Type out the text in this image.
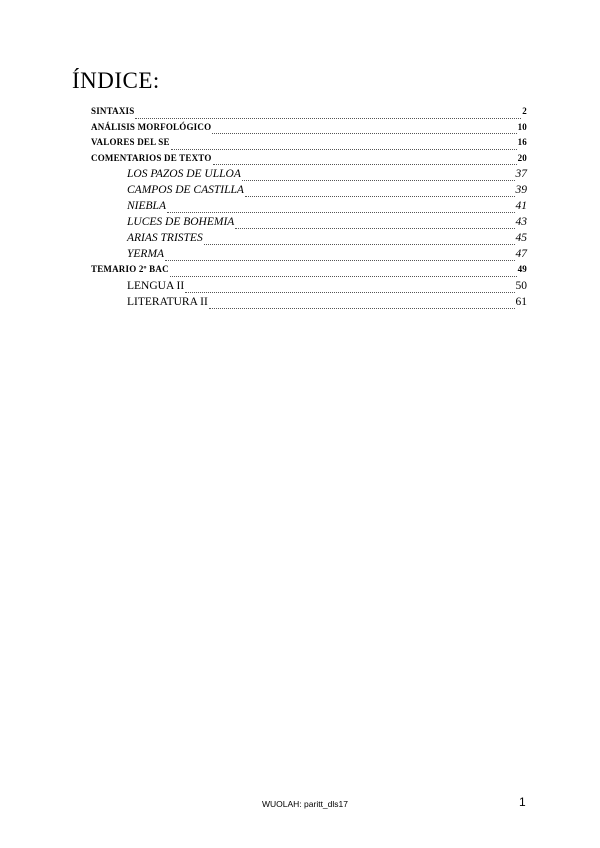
ÍNDICE:
SINTAXIS	2
ANÁLISIS MORFOLÓGICO	10
VALORES DEL SE	16
COMENTARIOS DE TEXTO	20
LOS PAZOS DE ULLOA	37
CAMPOS DE CASTILLA	39
NIEBLA	41
LUCES DE BOHEMIA	43
ARIAS TRISTES	45
YERMA	47
TEMARIO 2º BAC	49
LENGUA II	50
LITERATURA II	61
WUOLAH: paritt_dls17	1
